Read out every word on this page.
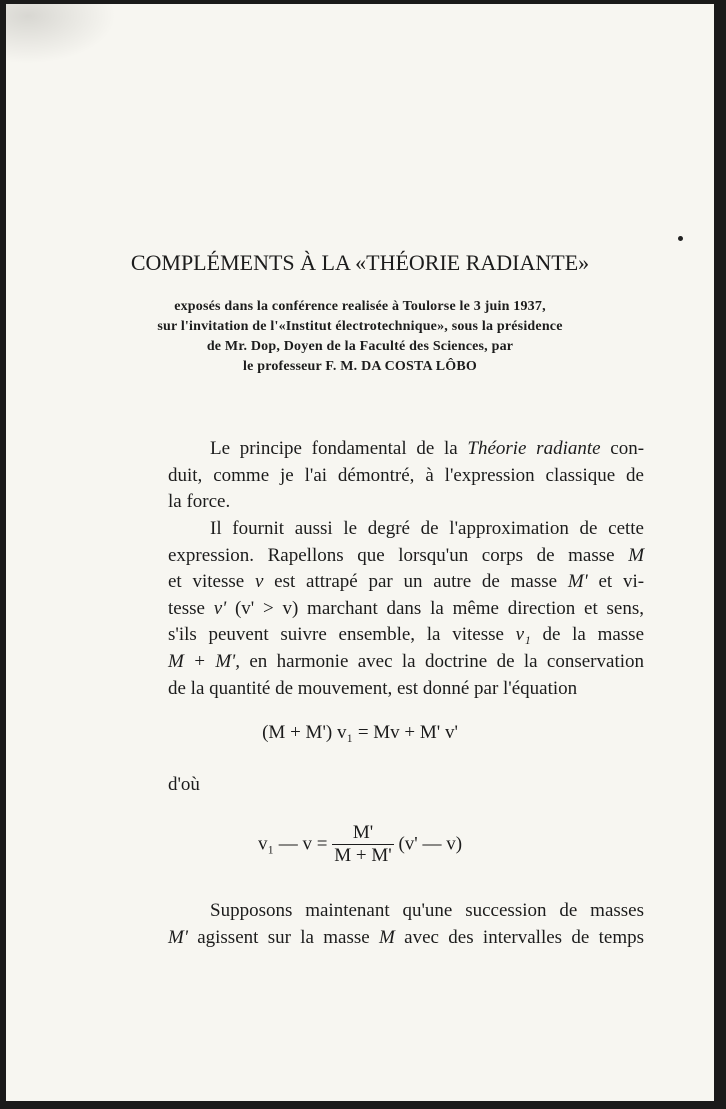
COMPLÉMENTS À LA «THÉORIE RADIANTE»
exposés dans la conférence realisée à Toulorse le 3 juin 1937,
sur l'invitation de l'«Institut électrotechnique», sous la présidence
de Mr. Dop, Doyen de la Faculté des Sciences, par
le professeur F. M. DA COSTA LÔBO
Le principe fondamental de la Théorie radiante con-
duit, comme je l'ai démontré, à l'expression classique de
la force.
Il fournit aussi le degré de l'approximation de cette
expression. Rapellons que lorsqu'un corps de masse M
et vitesse v est attrapé par un autre de masse M' et vi-
tesse v' (v' > v) marchant dans la même direction et sens,
s'ils peuvent suivre ensemble, la vitesse v₁ de la masse
M + M', en harmonie avec la doctrine de la conservation
de la quantité de mouvement, est donné par l'équation
(M + M') v₁ = Mv + M' v'
d'où
v₁ — $v = \frac{M'}{M + M'} (v'$ — v)
Supposons maintenant qu'une succession de masses
M' agissent sur la masse M avec des intervalles de temps
